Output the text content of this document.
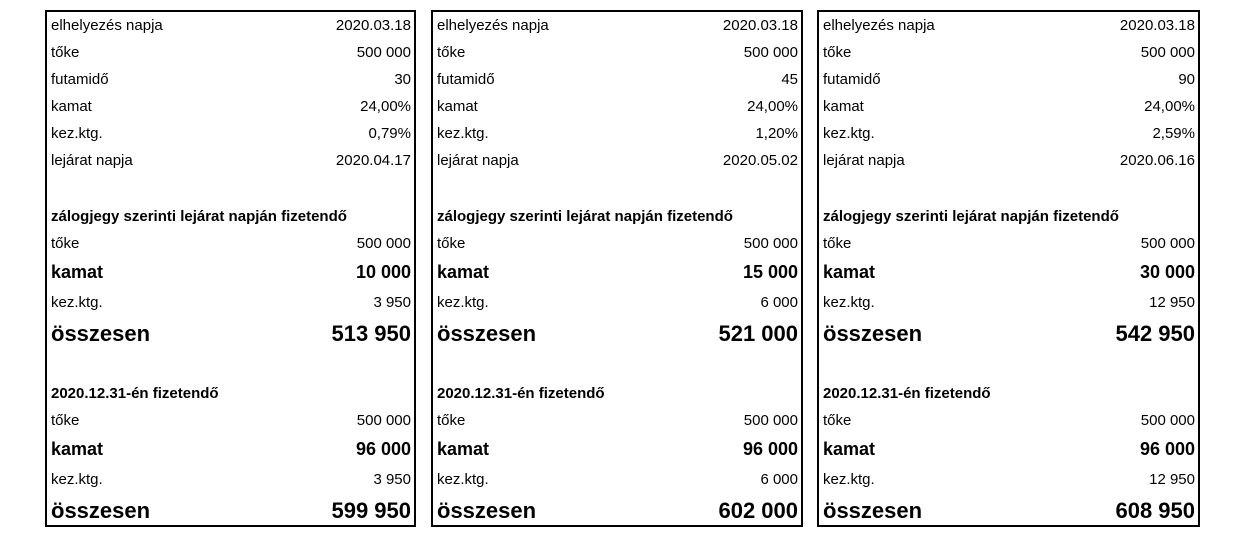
elhelyezés napja	2020.03.18
tőke	500 000
futamidő	30
kamat	24,00%
kez.ktg.	0,79%
lejárat napja	2020.04.17
zálogjegy szerinti lejárat napján fizetendő
tőke	500 000
kamat	10 000
kez.ktg.	3 950
összesen	513 950
2020.12.31-én fizetendő
tőke	500 000
kamat	96 000
kez.ktg.	3 950
összesen	599 950
elhelyezés napja	2020.03.18
tőke	500 000
futamidő	45
kamat	24,00%
kez.ktg.	1,20%
lejárat napja	2020.05.02
zálogjegy szerinti lejárat napján fizetendő
tőke	500 000
kamat	15 000
kez.ktg.	6 000
összesen	521 000
2020.12.31-én fizetendő
tőke	500 000
kamat	96 000
kez.ktg.	6 000
összesen	602 000
elhelyezés napja	2020.03.18
tőke	500 000
futamidő	90
kamat	24,00%
kez.ktg.	2,59%
lejárat napja	2020.06.16
zálogjegy szerinti lejárat napján fizetendő
tőke	500 000
kamat	30 000
kez.ktg.	12 950
összesen	542 950
2020.12.31-én fizetendő
tőke	500 000
kamat	96 000
kez.ktg.	12 950
összesen	608 950
